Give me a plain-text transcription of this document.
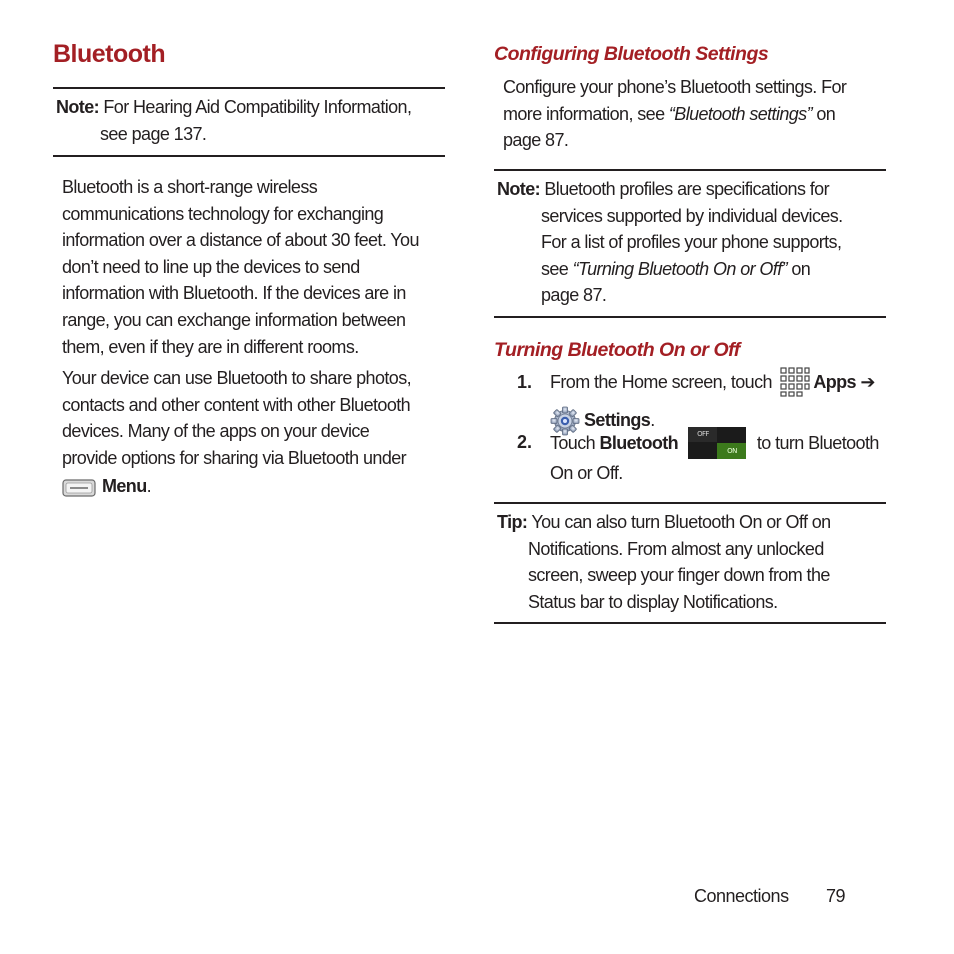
Bluetooth
Note: For Hearing Aid Compatibility Information,
see page 137.

Bluetooth is a short-range wireless

communications technology for exchanging

information over a distance of about 30 feet. You

don’t need to line up the devices to send

information with Bluetooth. If the devices are in

range, you can exchange information between

them, even if they are in different rooms.

Your device can use Bluetooth to share photos,

contacts and other content with other Bluetooth

devices. Many of the apps on your device

provide options for sharing via Bluetooth under

Menu.

Configuring Bluetooth Settings

Configure your phone’s Bluetooth settings. For

more information, see “Bluetooth settings” on

page 87.

Note: Bluetooth profiles are specifications for
services supported by individual devices.
For a list of profiles your phone supports,
see “Turning Bluetooth On or Off” on
page 87.
Turning Bluetooth On or Off
1. From the Home screen, touch Apps ➔
Settings.
2. Touch Bluetooth	OFF
ON	to turn Bluetooth
On or Off.
Tip: You can also turn Bluetooth On or Off on
Notifications. From almost any unlocked
screen, sweep your finger down from the
Status bar to display Notifications.
Connections 79
